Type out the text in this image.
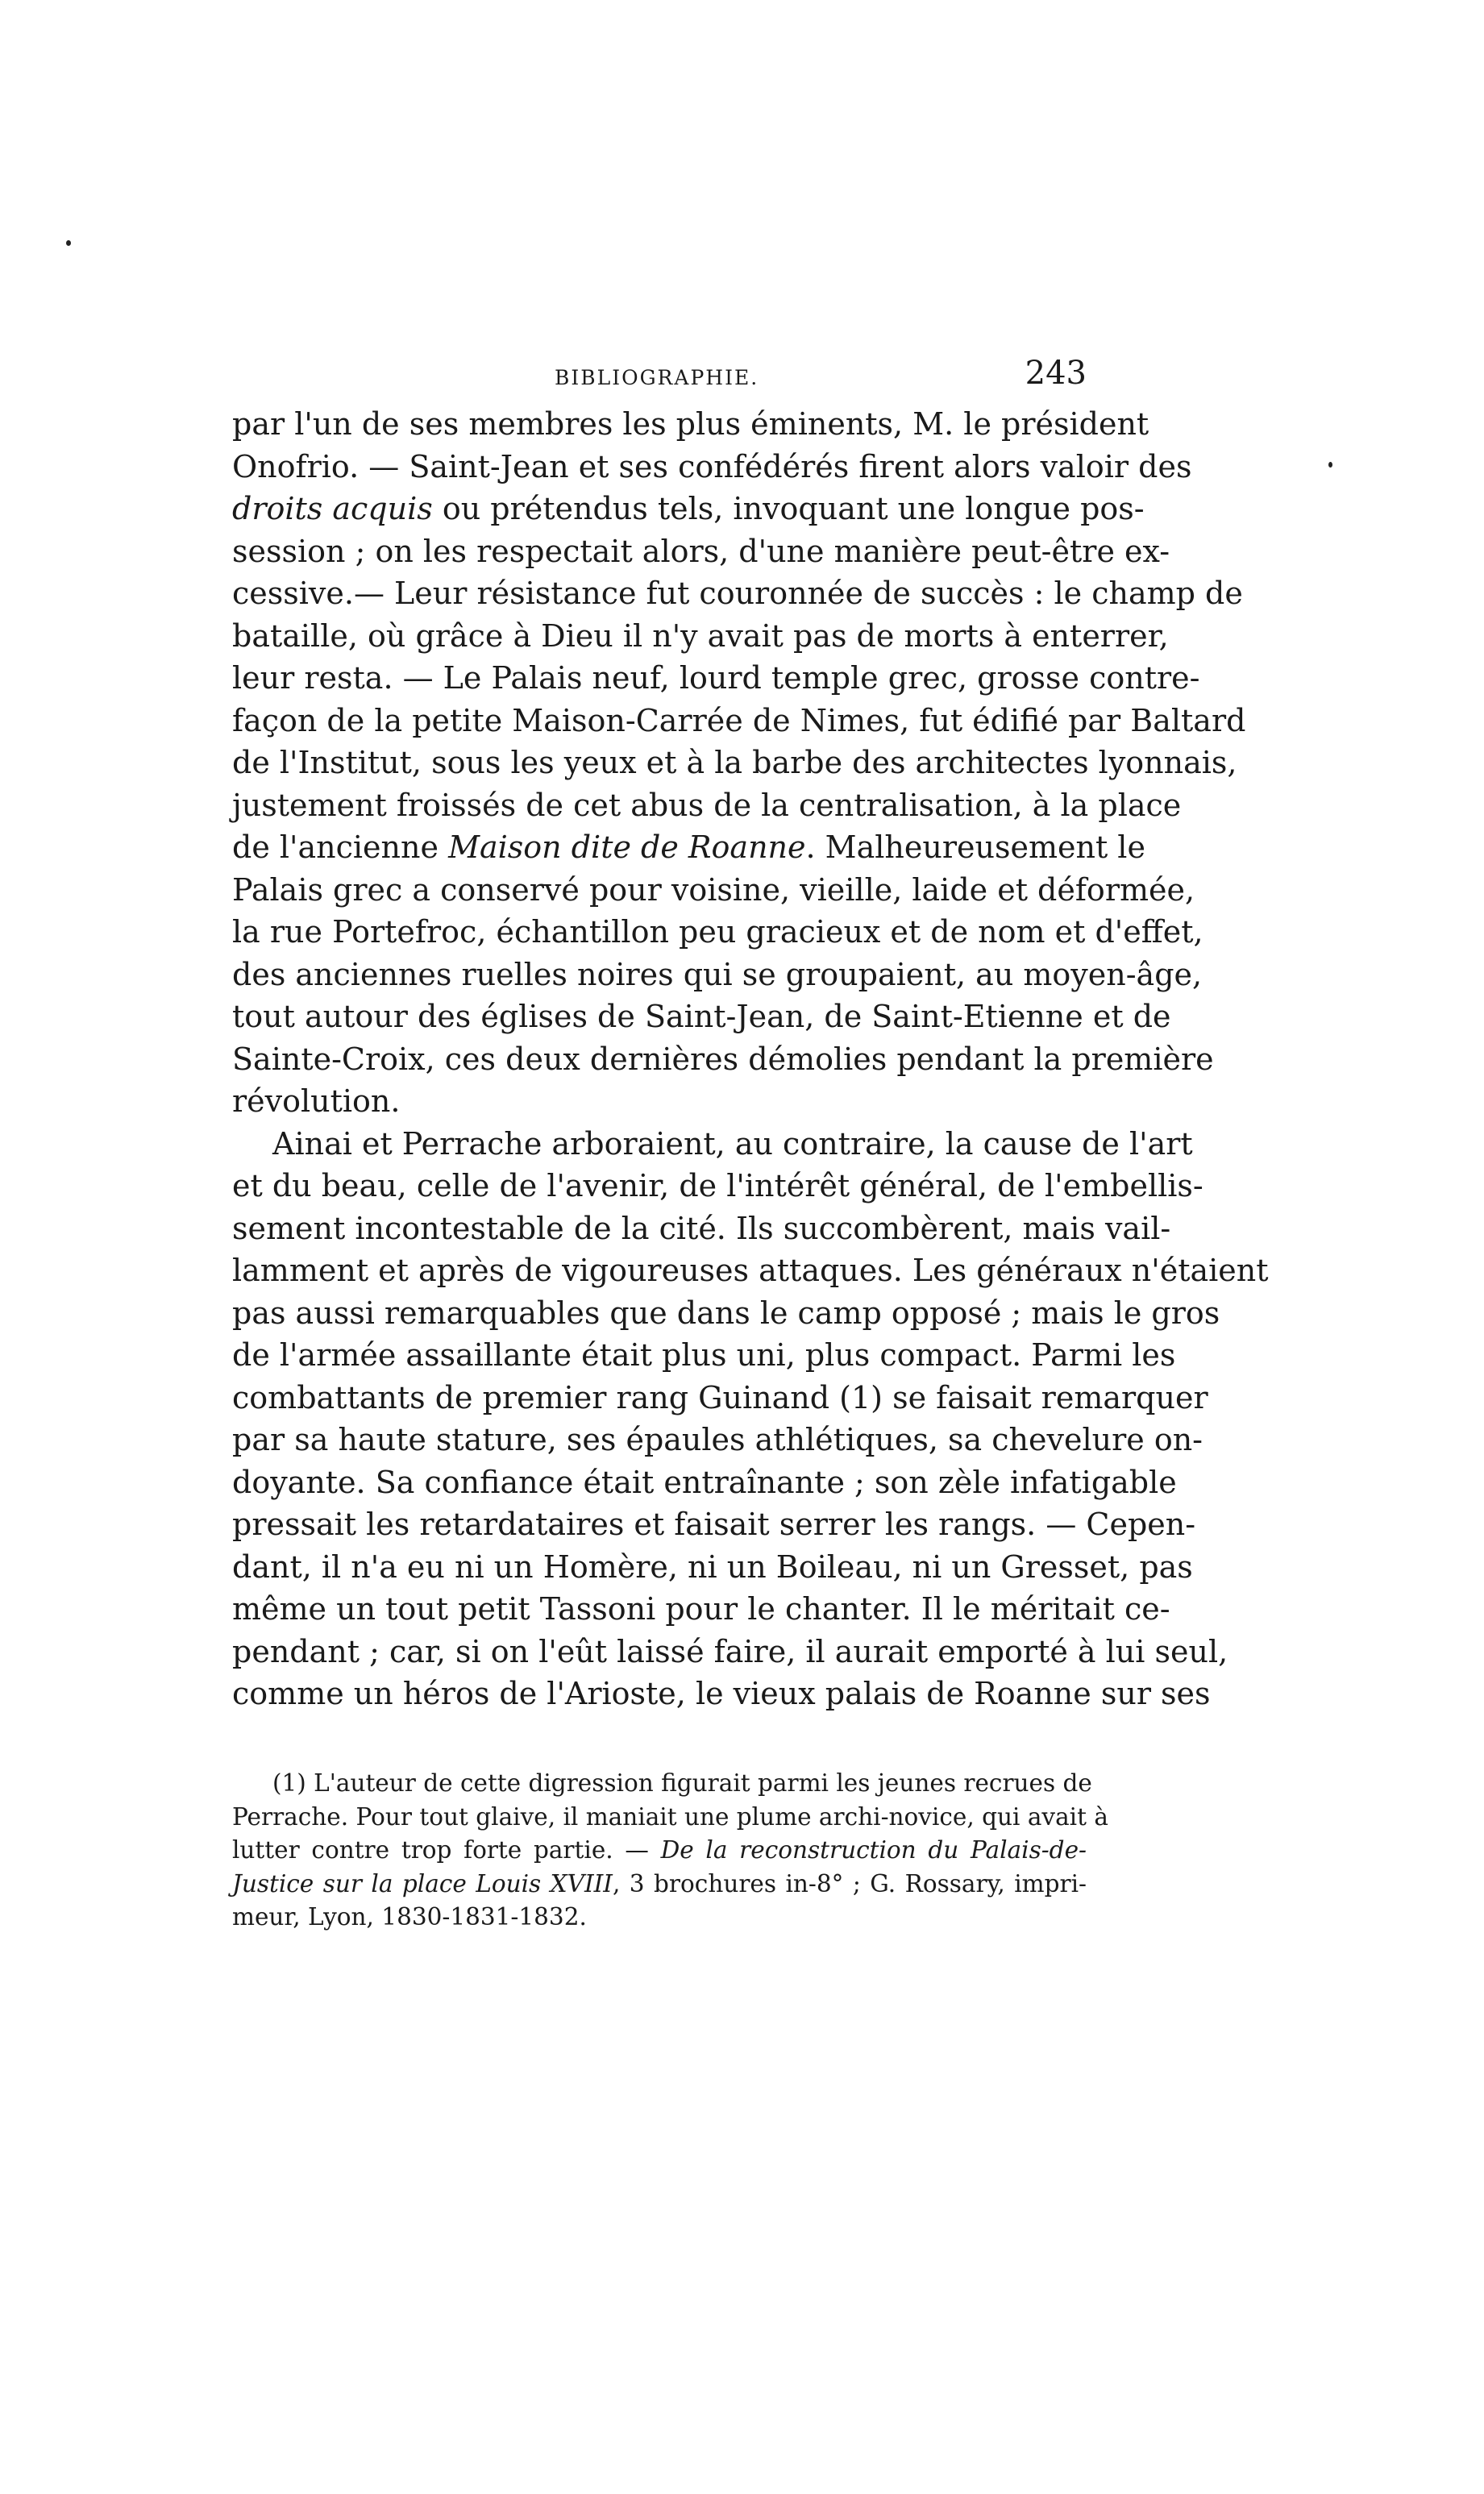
BIBLIOGRAPHIE.	243
par l'un de ses membres les plus éminents, M. le président
Onofrio. — Saint-Jean et ses confédérés firent alors valoir des
droits acquis ou prétendus tels, invoquant une longue pos-
session ; on les respectait alors, d'une manière peut-être ex-
cessive.— Leur résistance fut couronnée de succès : le champ de
bataille, où grâce à Dieu il n'y avait pas de morts à enterrer,
leur resta. — Le Palais neuf, lourd temple grec, grosse contre-
façon de la petite Maison-Carrée de Nimes, fut édifié par Baltard
de l'Institut, sous les yeux et à la barbe des architectes lyonnais,
justement froissés de cet abus de la centralisation, à la place
de l'ancienne Maison dite de Roanne. Malheureusement le
Palais grec a conservé pour voisine, vieille, laide et déformée,
la rue Portefroc, échantillon peu gracieux et de nom et d'effet,
des anciennes ruelles noires qui se groupaient, au moyen-âge,
tout autour des églises de Saint-Jean, de Saint-Etienne et de
Sainte-Croix, ces deux dernières démolies pendant la première
révolution.
Ainai et Perrache arboraient, au contraire, la cause de l'art
et du beau, celle de l'avenir, de l'intérêt général, de l'embellis-
sement incontestable de la cité. Ils succombèrent, mais vail-
lamment et après de vigoureuses attaques. Les généraux n'étaient
pas aussi remarquables que dans le camp opposé ; mais le gros
de l'armée assaillante était plus uni, plus compact. Parmi les
combattants de premier rang Guinand (1) se faisait remarquer
par sa haute stature, ses épaules athlétiques, sa chevelure on-
doyante. Sa confiance était entraînante ; son zèle infatigable
pressait les retardataires et faisait serrer les rangs. — Cepen-
dant, il n'a eu ni un Homère, ni un Boileau, ni un Gresset, pas
même un tout petit Tassoni pour le chanter. Il le méritait ce-
pendant ; car, si on l'eût laissé faire, il aurait emporté à lui seul,
comme un héros de l'Arioste, le vieux palais de Roanne sur ses
(1) L'auteur de cette digression figurait parmi les jeunes recrues de
Perrache. Pour tout glaive, il maniait une plume archi-novice, qui avait à
lutter contre trop forte partie. — De la reconstruction du Palais-de-
Justice sur la place Louis XVIII, 3 brochures in-8° ; G. Rossary, impri-
meur, Lyon, 1830-1831-1832.
